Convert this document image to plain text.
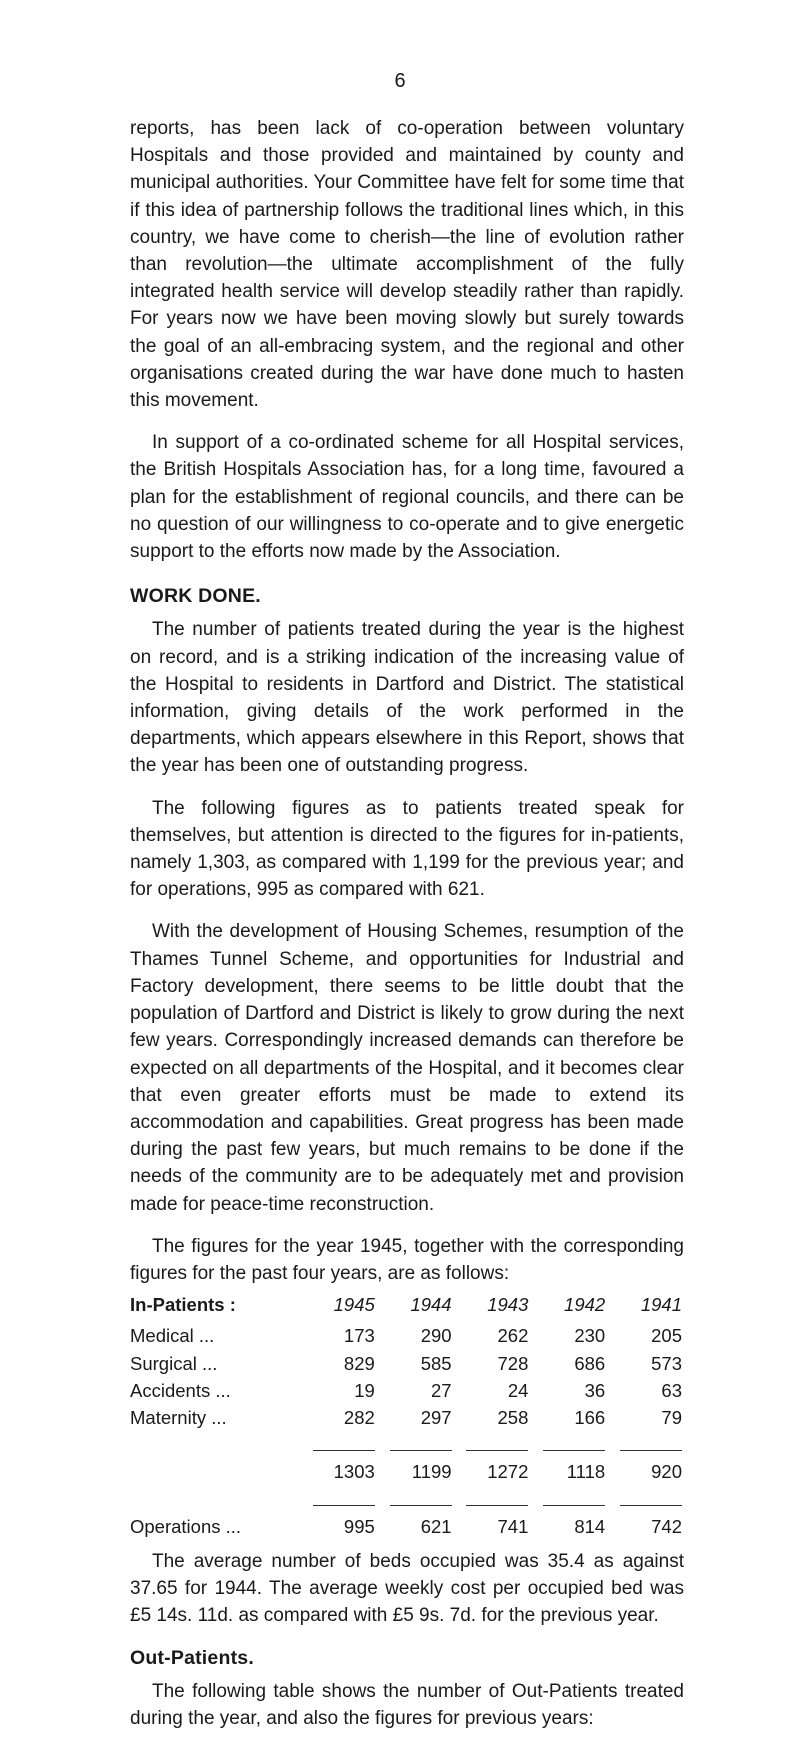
6

reports, has been lack of co-operation between voluntary Hospitals and those provided and maintained by county and municipal authorities. Your Committee have felt for some time that if this idea of partnership follows the traditional lines which, in this country, we have come to cherish—the line of evolution rather than revolution—the ultimate accomplishment of the fully integrated health service will develop steadily rather than rapidly. For years now we have been moving slowly but surely towards the goal of an all-embracing system, and the regional and other organisations created during the war have done much to hasten this movement.

In support of a co-ordinated scheme for all Hospital services, the British Hospitals Association has, for a long time, favoured a plan for the establishment of regional councils, and there can be no question of our willingness to co-operate and to give energetic support to the efforts now made by the Association.

WORK DONE.

The number of patients treated during the year is the highest on record, and is a striking indication of the increasing value of the Hospital to residents in Dartford and District. The statistical information, giving details of the work performed in the departments, which appears elsewhere in this Report, shows that the year has been one of outstanding progress.

The following figures as to patients treated speak for themselves, but attention is directed to the figures for in-patients, namely 1,303, as compared with 1,199 for the previous year; and for operations, 995 as compared with 621.

With the development of Housing Schemes, resumption of the Thames Tunnel Scheme, and opportunities for Industrial and Factory development, there seems to be little doubt that the population of Dartford and District is likely to grow during the next few years. Correspondingly increased demands can therefore be expected on all departments of the Hospital, and it becomes clear that even greater efforts must be made to extend its accommodation and capabilities. Great progress has been made during the past few years, but much remains to be done if the needs of the community are to be adequately met and provision made for peace-time reconstruction.

The figures for the year 1945, together with the corresponding figures for the past four years, are as follows:

In-Patients :	1945	1944	1943	1942	1941
Medical ...	173	290	262	230	205
Surgical ...	829	585	728	686	573
Accidents ...	19	27	24	36	63
Maternity ...	282	297	258	166	79

	1303	1199	1272	1118	920

Operations ...	995	621	741	814	742

The average number of beds occupied was 35.4 as against 37.65 for 1944. The average weekly cost per occupied bed was £5 14s. 11d. as compared with £5 9s. 7d. for the previous year.

Out-Patients.

The following table shows the number of Out-Patients treated during the year, and also the figures for previous years:
